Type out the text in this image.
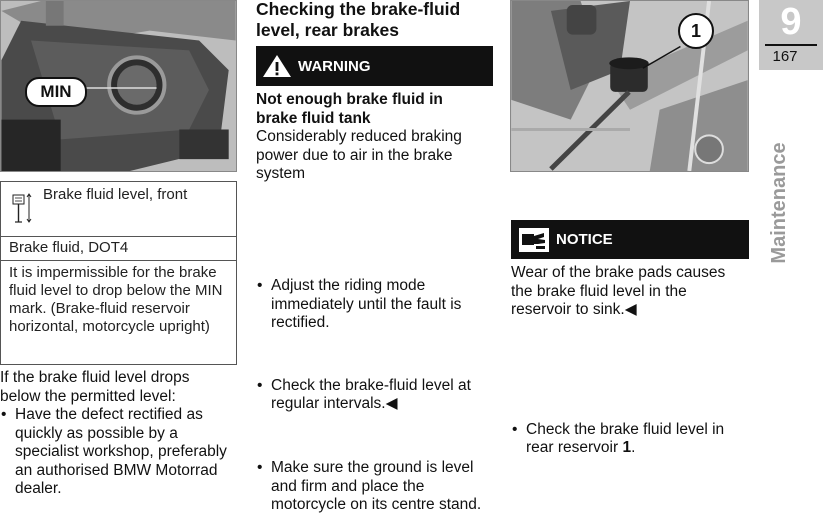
MIN
Brake fluid level, front
Brake fluid, DOT4
It is impermissible for the brake fluid level to drop below the MIN mark. (Brake-fluid reservoir horizontal, motorcycle upright)
If the brake fluid level drops below the permitted level:
• Have the defect rectified as quickly as possible by a specialist workshop, preferably an authorised BMW Motorrad dealer.
Checking the brake-fluid level, rear brakes
WARNING
Not enough brake fluid in brake fluid tank
Considerably reduced braking power due to air in the brake system
• Adjust the riding mode immediately until the fault is rectified.
• Check the brake-fluid level at regular intervals.◀
• Make sure the ground is level and firm and place the motorcycle on its centre stand.
1
• Check the brake fluid level in rear reservoir 1.
NOTICE
Wear of the brake pads causes the brake fluid level in the reservoir to sink.◀
9
167
Maintenance
